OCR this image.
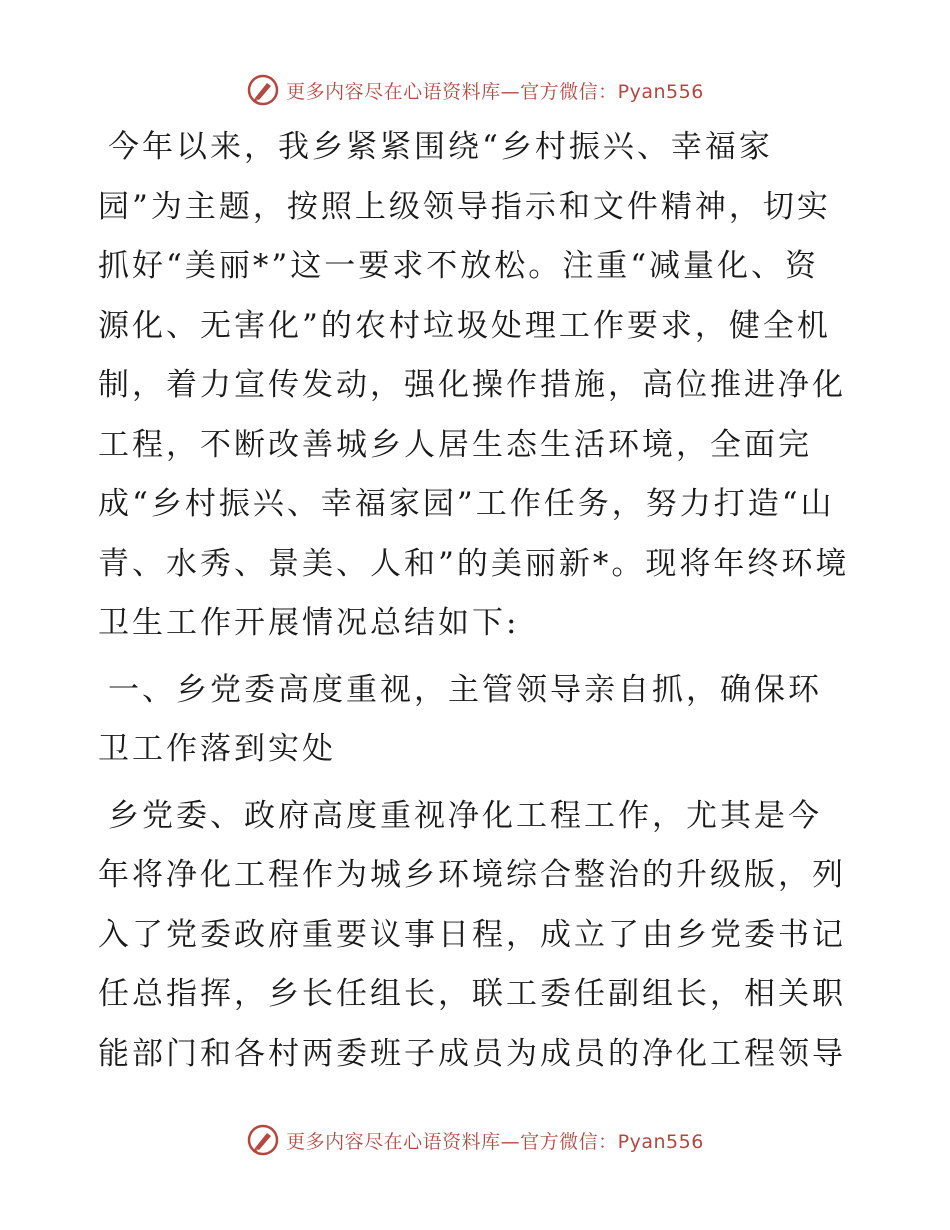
更多内容尽在心语资料库—官方微信：Pyan556

今年以来，我乡紧紧围绕“乡村振兴、幸福家园”为主题，按照上级领导指示和文件精神，切实抓好“美丽*”这一要求不放松。注重“减量化、资源化、无害化”的农村垃圾处理工作要求，健全机制，着力宣传发动，强化操作措施，高位推进净化工程，不断改善城乡人居生态生活环境，全面完成“乡村振兴、幸福家园”工作任务，努力打造“山青、水秀、景美、人和”的美丽新*。现将年终环境卫生工作开展情况总结如下:

一、乡党委高度重视，主管领导亲自抓，确保环卫工作落到实处

乡党委、政府高度重视净化工程工作，尤其是今年将净化工程作为城乡环境综合整治的升级版，列入了党委政府重要议事日程，成立了由乡党委书记任总指挥，乡长任组长，联工委任副组长，相关职能部门和各村两委班子成员为成员的净化工程领导

更多内容尽在心语资料库—官方微信：Pyan556
